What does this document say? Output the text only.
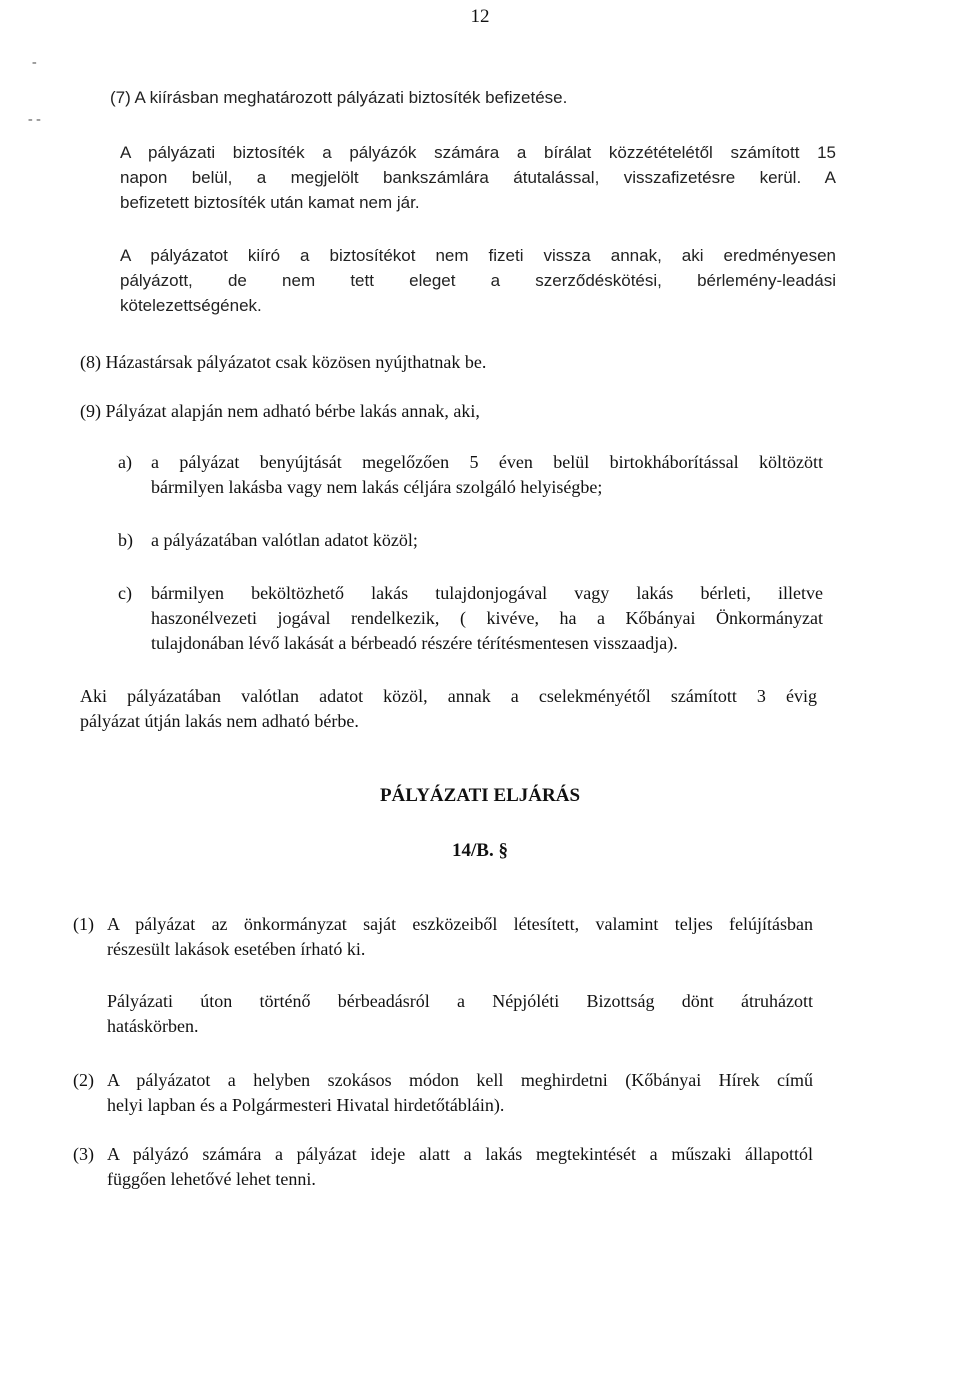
12
-
- -
(7) A kiírásban meghatározott pályázati biztosíték befizetése.
A pályázati biztosíték a pályázók számára a bírálat közzétételétől számított 15
napon belül, a megjelölt bankszámlára átutalással, visszafizetésre kerül. A
befizetett biztosíték után kamat nem jár.
A pályázatot kiíró a biztosítékot nem fizeti vissza annak, aki eredményesen
pályázott, de nem tett eleget a szerződéskötési, bérlemény-leadási
kötelezettségének.
(8) Házastársak pályázatot csak közösen nyújthatnak be.
(9) Pályázat alapján nem adható bérbe lakás annak, aki,
a) a pályázat benyújtását megelőzően 5 éven belül birtokháborítással költözött
bármilyen lakásba vagy nem lakás céljára szolgáló helyiségbe;
b) a pályázatában valótlan adatot közöl;
c) bármilyen beköltözhető lakás tulajdonjogával vagy lakás bérleti, illetve
haszonélvezeti jogával rendelkezik, ( kivéve, ha a Kőbányai Önkormányzat
tulajdonában lévő lakását a bérbeadó részére térítésmentesen visszaadja).
Aki pályázatában valótlan adatot közöl, annak a cselekményétől számított 3 évig
pályázat útján lakás nem adható bérbe.
PÁLYÁZATI ELJÁRÁS
14/B. §
(1) A pályázat az önkormányzat saját eszközeiből létesített, valamint teljes felújításban
részesült lakások esetében írható ki.
Pályázati úton történő bérbeadásról a Népjóléti Bizottság dönt átruházott
hatáskörben.
(2) A pályázatot a helyben szokásos módon kell meghirdetni (Kőbányai Hírek című
helyi lapban és a Polgármesteri Hivatal hirdetőtábláin).
(3) A pályázó számára a pályázat ideje alatt a lakás megtekintését a műszaki állapottól
függően lehetővé lehet tenni.
